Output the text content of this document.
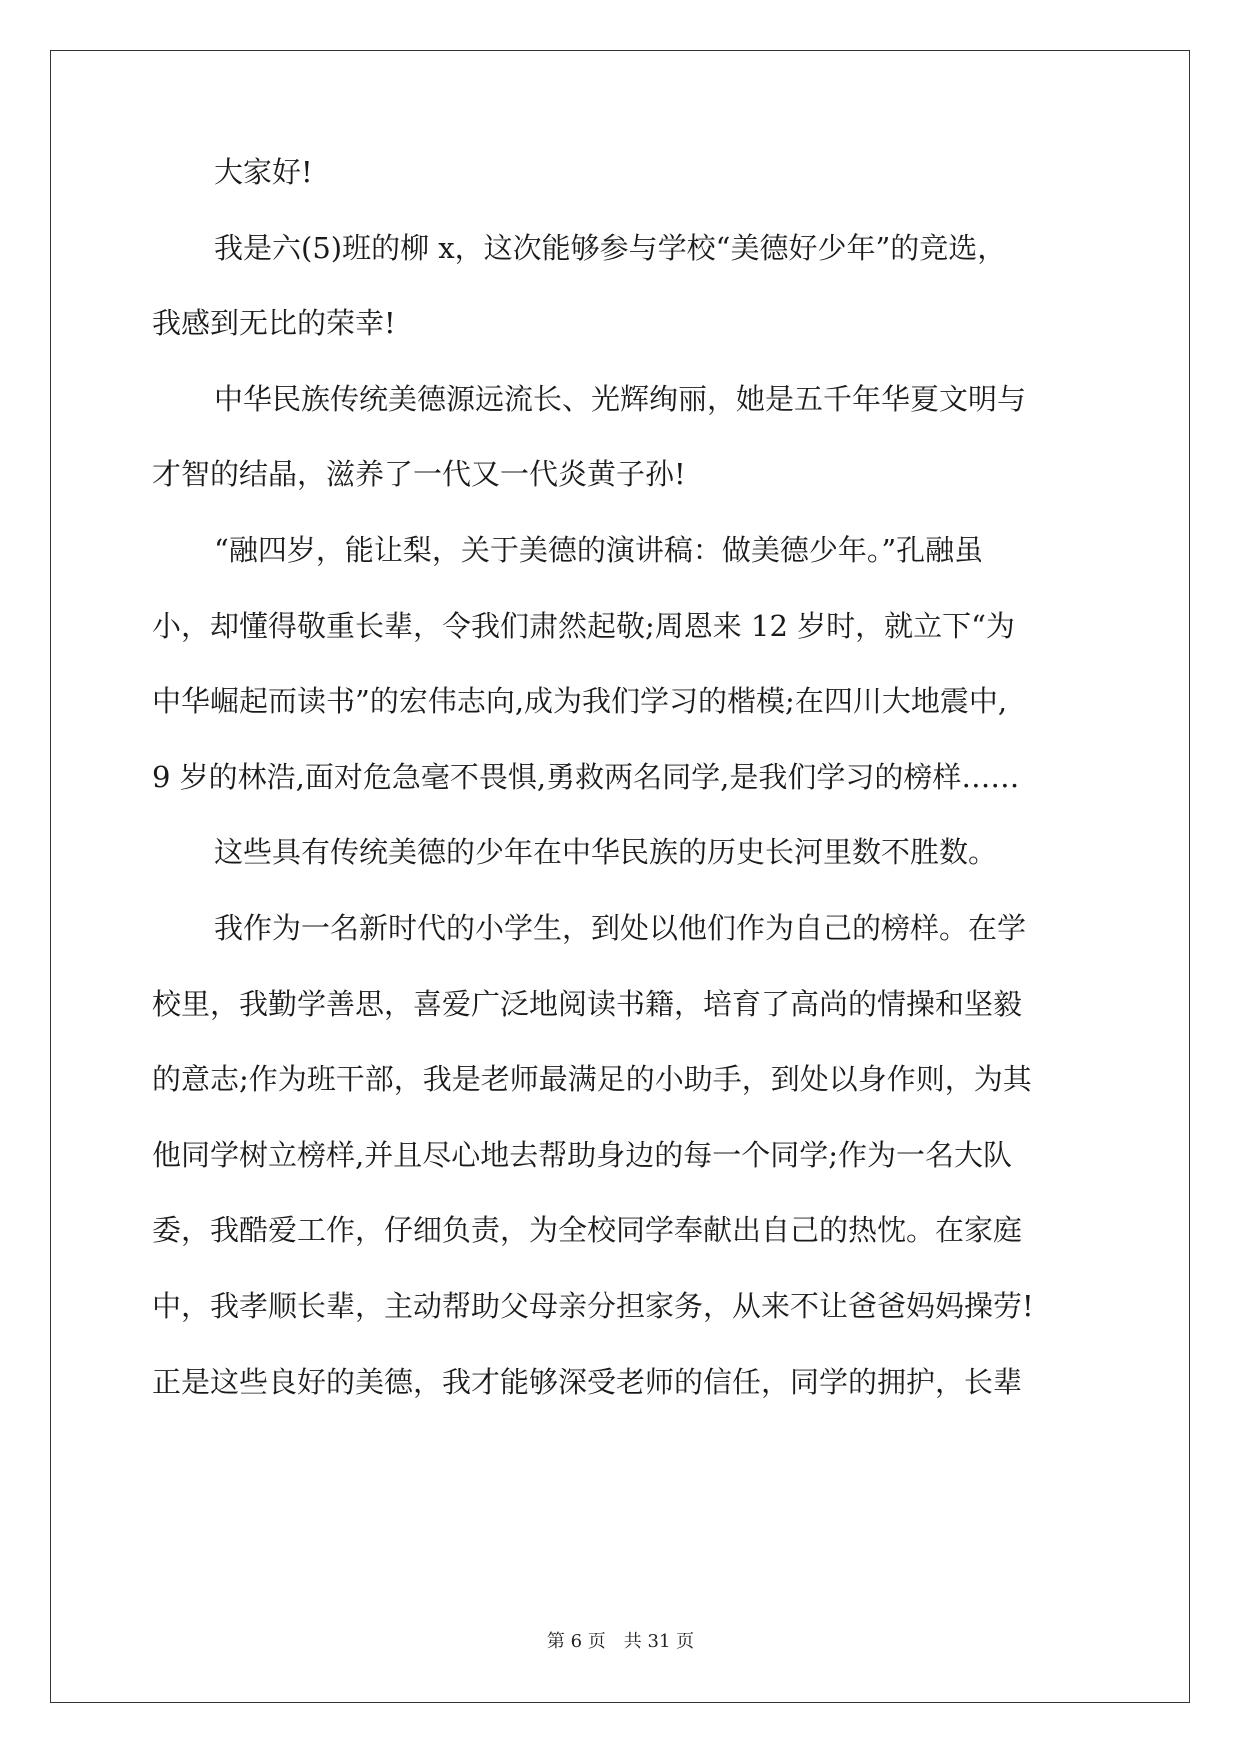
大家好!

我是六(5)班的柳 x，这次能够参与学校“美德好少年”的竞选，

我感到无比的荣幸!

中华民族传统美德源远流长、光辉绚丽，她是五千年华夏文明与

才智的结晶，滋养了一代又一代炎黄子孙!

“融四岁，能让梨，关于美德的演讲稿：做美德少年。”孔融虽

小，却懂得敬重长辈，令我们肃然起敬;周恩来 12 岁时，就立下“为

中华崛起而读书”的宏伟志向,成为我们学习的楷模;在四川大地震中,

9 岁的林浩,面对危急毫不畏惧,勇救两名同学,是我们学习的榜样……

这些具有传统美德的少年在中华民族的历史长河里数不胜数。

我作为一名新时代的小学生，到处以他们作为自己的榜样。在学

校里，我勤学善思，喜爱广泛地阅读书籍，培育了高尚的情操和坚毅

的意志;作为班干部，我是老师最满足的小助手，到处以身作则，为其

他同学树立榜样,并且尽心地去帮助身边的每一个同学;作为一名大队

委，我酷爱工作，仔细负责，为全校同学奉献出自己的热忱。在家庭

中，我孝顺长辈，主动帮助父母亲分担家务，从来不让爸爸妈妈操劳!

正是这些良好的美德，我才能够深受老师的信任，同学的拥护，长辈

第 6 页　共 31 页
